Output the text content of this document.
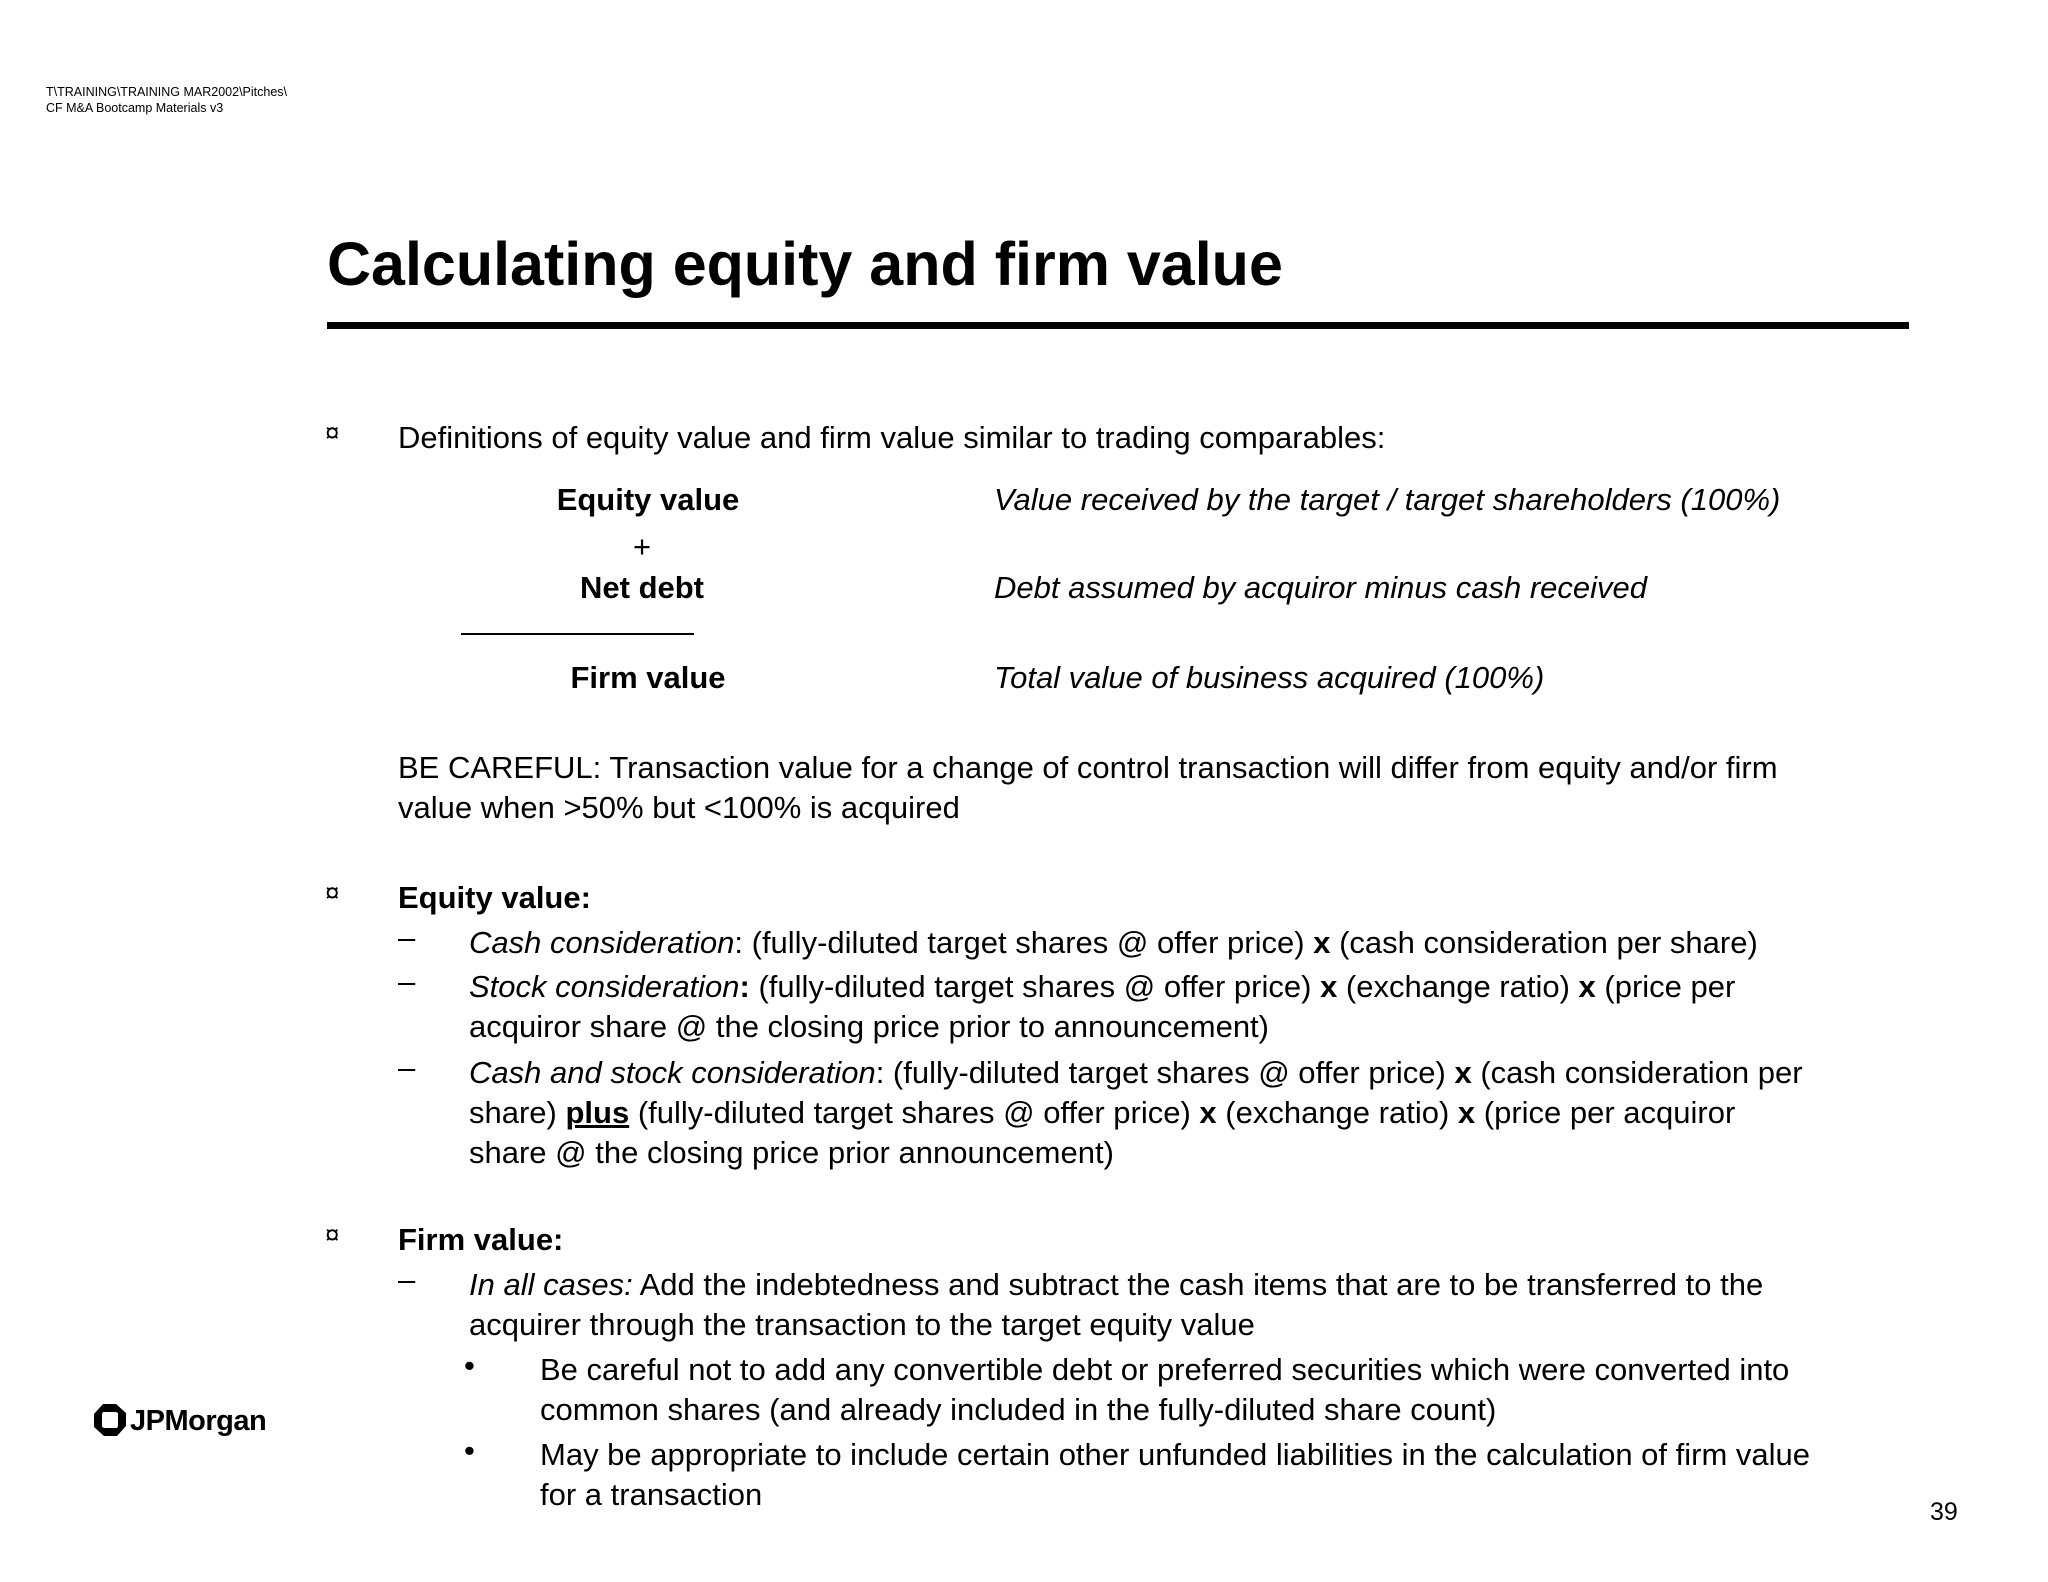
T\TRAINING\TRAINING MAR2002\Pitches\
CF M&A Bootcamp Materials v3
Calculating equity and firm value
¤ Definitions of equity value and firm value similar to trading comparables:
Equity value	Value received by the target / target shareholders (100%)
+
Net debt	Debt assumed by acquiror minus cash received
Firm value	Total value of business acquired (100%)
BE CAREFUL: Transaction value for a change of control transaction will differ from equity and/or firm
value when >50% but <100% is acquired
¤ Equity value:
– Cash consideration: (fully-diluted target shares @ offer price) x (cash consideration per share)
– Stock consideration: (fully-diluted target shares @ offer price) x (exchange ratio) x (price per
acquiror share @ the closing price prior to announcement)
– Cash and stock consideration: (fully-diluted target shares @ offer price) x (cash consideration per
share) plus (fully-diluted target shares @ offer price) x (exchange ratio) x (price per acquiror
share @ the closing price prior announcement)
¤ Firm value:
– In all cases: Add the indebtedness and subtract the cash items that are to be transferred to the
acquirer through the transaction to the target equity value
• Be careful not to add any convertible debt or preferred securities which were converted into
common shares (and already included in the fully-diluted share count)
• May be appropriate to include certain other unfunded liabilities in the calculation of firm value
for a transaction
JPMorgan
39
